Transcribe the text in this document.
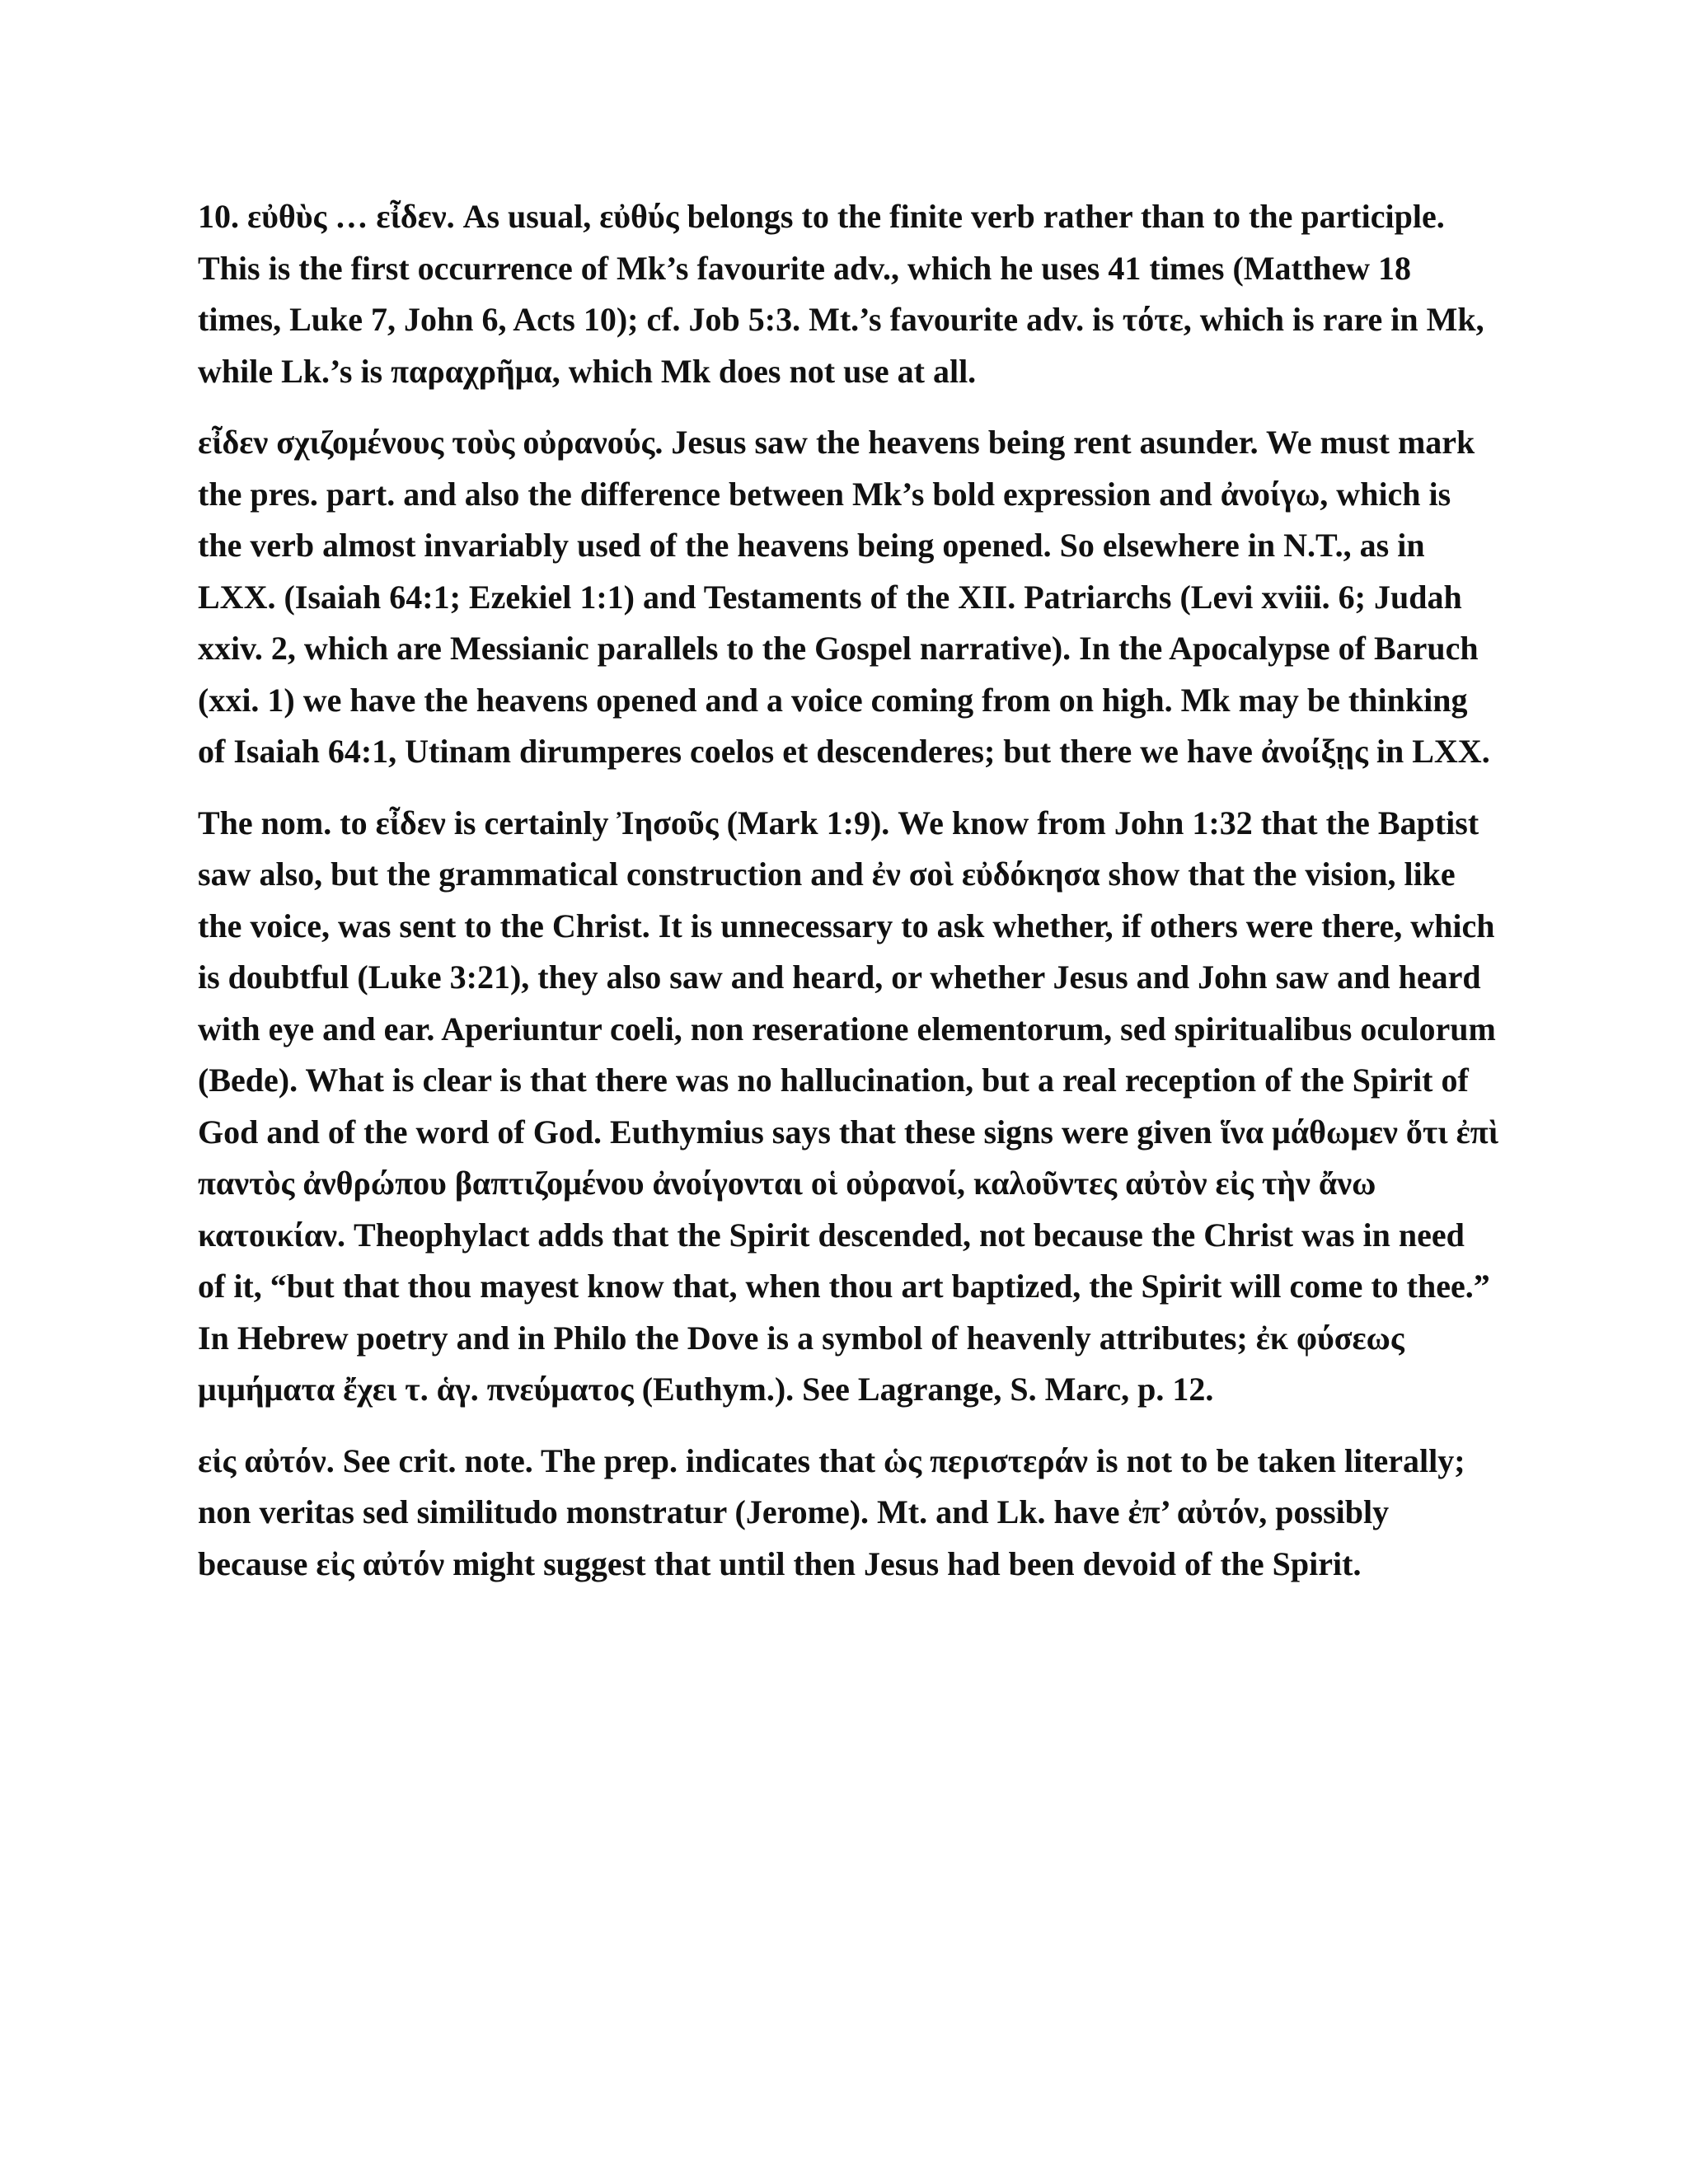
10. εὐθὺς … εἶδεν. As usual, εὐθύς belongs to the finite verb rather than to the participle. This is the first occurrence of Mk’s favourite adv., which he uses 41 times (Matthew 18 times, Luke 7, John 6, Acts 10); cf. Job 5:3. Mt.’s favourite adv. is τότε, which is rare in Mk, while Lk.’s is παραχρῆμα, which Mk does not use at all.

εἶδεν σχιζομένους τοὺς οὐρανούς. Jesus saw the heavens being rent asunder. We must mark the pres. part. and also the difference between Mk’s bold expression and ἀνοίγω, which is the verb almost invariably used of the heavens being opened. So elsewhere in N.T., as in LXX. (Isaiah 64:1; Ezekiel 1:1) and Testaments of the XII. Patriarchs (Levi xviii. 6; Judah xxiv. 2, which are Messianic parallels to the Gospel narrative). In the Apocalypse of Baruch (xxi. 1) we have the heavens opened and a voice coming from on high. Mk may be thinking of Isaiah 64:1, Utinam dirumperes coelos et descenderes; but there we have ἀνοίξῃς in LXX.

The nom. to εἶδεν is certainly Ἰησοῦς (Mark 1:9). We know from John 1:32 that the Baptist saw also, but the grammatical construction and ἐν σοὶ εὐδόκησα show that the vision, like the voice, was sent to the Christ. It is unnecessary to ask whether, if others were there, which is doubtful (Luke 3:21), they also saw and heard, or whether Jesus and John saw and heard with eye and ear. Aperiuntur coeli, non reseratione elementorum, sed spiritualibus oculorum (Bede). What is clear is that there was no hallucination, but a real reception of the Spirit of God and of the word of God. Euthymius says that these signs were given ἵνα μάθωμεν ὅτι ἐπὶ παντὸς ἀνθρώπου βαπτιζομένου ἀνοίγονται οἱ οὐρανοί, καλοῦντες αὐτὸν εἰς τὴν ἄνω κατοικίαν. Theophylact adds that the Spirit descended, not because the Christ was in need of it, “but that thou mayest know that, when thou art baptized, the Spirit will come to thee.” In Hebrew poetry and in Philo the Dove is a symbol of heavenly attributes; ἐκ φύσεως μιμήματα ἔχει τ. ἁγ. πνεύματος (Euthym.). See Lagrange, S. Marc, p. 12.

εἰς αὐτόν. See crit. note. The prep. indicates that ὡς περιστεράν is not to be taken literally; non veritas sed similitudo monstratur (Jerome). Mt. and Lk. have ἐπ’ αὐτόν, possibly because εἰς αὐτόν might suggest that until then Jesus had been devoid of the Spirit.
